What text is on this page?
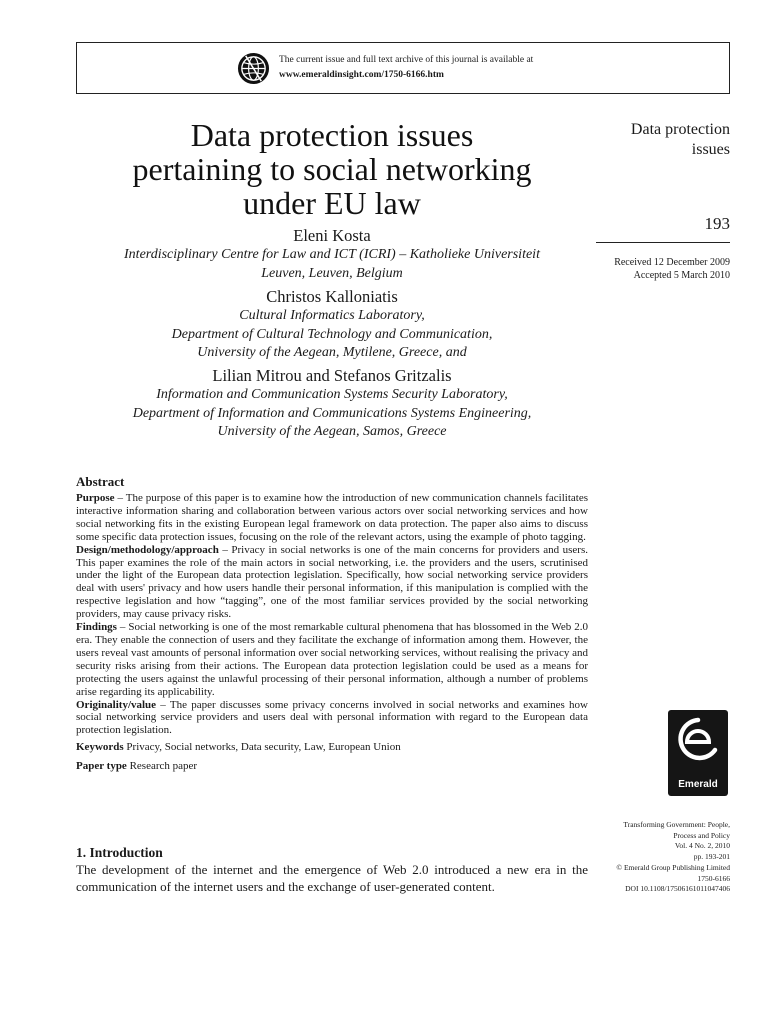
The current issue and full text archive of this journal is available at
www.emeraldinsight.com/1750-6166.htm
Data protection issues
pertaining to social networking
under EU law
Eleni Kosta
Interdisciplinary Centre for Law and ICT (ICRI) – Katholieke Universiteit
Leuven, Leuven, Belgium
Christos Kalloniatis
Cultural Informatics Laboratory,
Department of Cultural Technology and Communication,
University of the Aegean, Mytilene, Greece, and
Lilian Mitrou and Stefanos Gritzalis
Information and Communication Systems Security Laboratory,
Department of Information and Communications Systems Engineering,
University of the Aegean, Samos, Greece
Data protection
issues
193
Received 12 December 2009
Accepted 5 March 2010
Abstract

Purpose – The purpose of this paper is to examine how the introduction of new communication channels facilitates interactive information sharing and collaboration between various actors over social networking services and how social networking fits in the existing European legal framework on data protection. The paper also aims to discuss some specific data protection issues, focusing on the role of the relevant actors, using the example of photo tagging.

Design/methodology/approach – Privacy in social networks is one of the main concerns for providers and users. This paper examines the role of the main actors in social networking, i.e. the providers and the users, scrutinised under the light of the European data protection legislation. Specifically, how social networking service providers deal with users' privacy and how users handle their personal information, if this manipulation is complied with the respective legislation and how “tagging”, one of the most familiar services provided by the social networking providers, may cause privacy risks.

Findings – Social networking is one of the most remarkable cultural phenomena that has blossomed in the Web 2.0 era. They enable the connection of users and they facilitate the exchange of information among them. However, the users reveal vast amounts of personal information over social networking services, without realising the privacy and security risks arising from their actions. The European data protection legislation could be used as a means for protecting the users against the unlawful processing of their personal information, although a number of problems arise regarding its applicability.

Originality/value – The paper discusses some privacy concerns involved in social networks and examines how social networking service providers and users deal with personal information with regard to the European data protection legislation.

Keywords Privacy, Social networks, Data security, Law, European Union

Paper type Research paper

1. Introduction

The development of the internet and the emergence of Web 2.0 introduced a new era in the communication of the internet users and the exchange of user-generated content.

Emerald
Transforming Government: People,
Process and Policy
Vol. 4 No. 2, 2010
pp. 193-201
© Emerald Group Publishing Limited
1750-6166
DOI 10.1108/17506161011047406
